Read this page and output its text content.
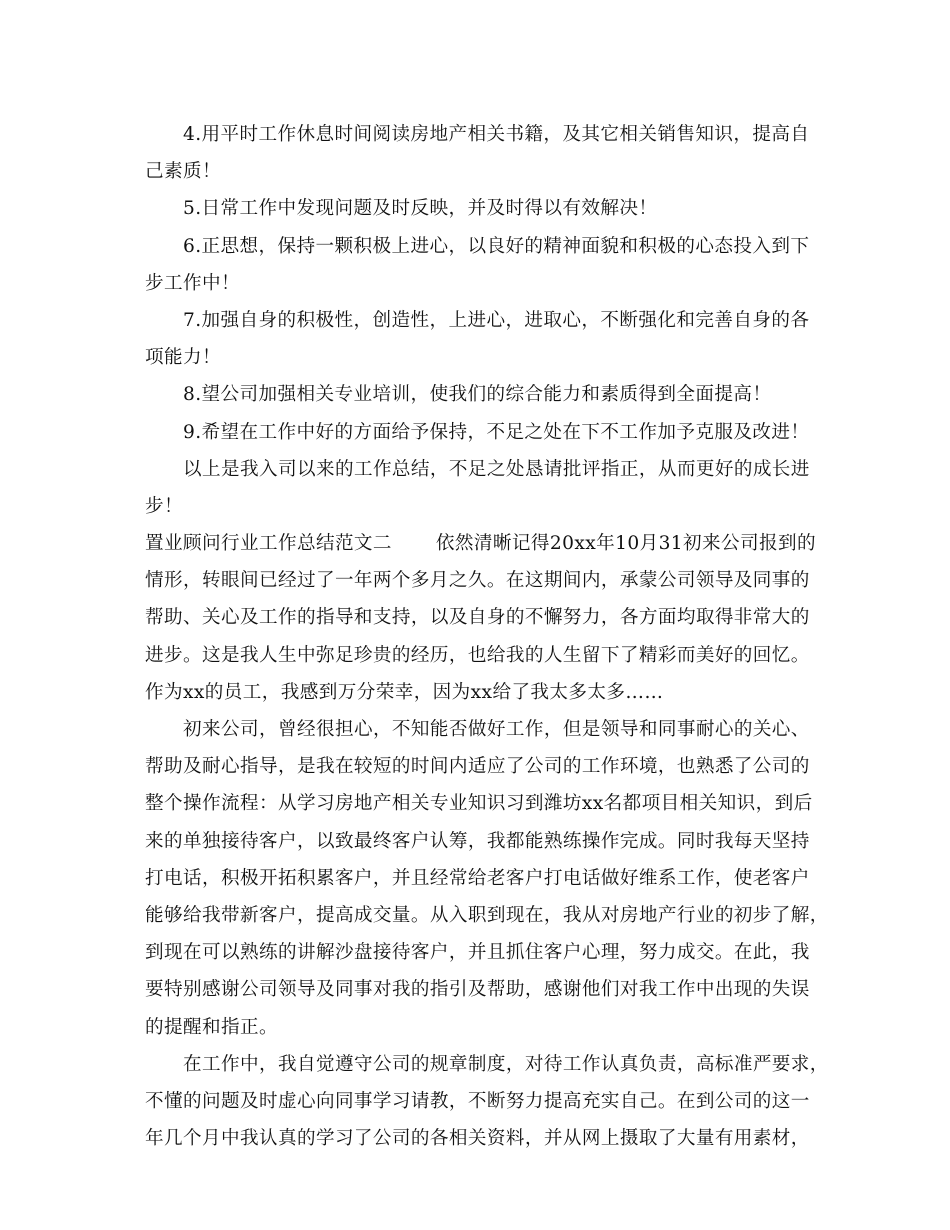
4.用平时工作休息时间阅读房地产相关书籍，及其它相关销售知识，提高自
己素质！
5.日常工作中发现问题及时反映，并及时得以有效解决！
6.正思想，保持一颗积极上进心，以良好的精神面貌和积极的心态投入到下
步工作中！
7.加强自身的积极性，创造性，上进心，进取心，不断强化和完善自身的各
项能力！
8.望公司加强相关专业培训，使我们的综合能力和素质得到全面提高！
9.希望在工作中好的方面给予保持，不足之处在下不工作加予克服及改进！
以上是我入司以来的工作总结，不足之处恳请批评指正，从而更好的成长进
步！
置业顾问行业工作总结范文二 依然清晰记得20xx年10月31初来公司报到的
情形，转眼间已经过了一年两个多月之久。在这期间内，承蒙公司领导及同事的
帮助、关心及工作的指导和支持，以及自身的不懈努力，各方面均取得非常大的
进步。这是我人生中弥足珍贵的经历，也给我的人生留下了精彩而美好的回忆。
作为xx的员工，我感到万分荣幸，因为xx给了我太多太多……
初来公司，曾经很担心，不知能否做好工作，但是领导和同事耐心的关心、
帮助及耐心指导，是我在较短的时间内适应了公司的工作环境，也熟悉了公司的
整个操作流程：从学习房地产相关专业知识习到潍坊xx名都项目相关知识，到后
来的单独接待客户，以致最终客户认筹，我都能熟练操作完成。同时我每天坚持
打电话，积极开拓积累客户，并且经常给老客户打电话做好维系工作，使老客户
能够给我带新客户，提高成交量。从入职到现在，我从对房地产行业的初步了解，
到现在可以熟练的讲解沙盘接待客户，并且抓住客户心理，努力成交。在此，我
要特别感谢公司领导及同事对我的指引及帮助，感谢他们对我工作中出现的失误
的提醒和指正。
在工作中，我自觉遵守公司的规章制度，对待工作认真负责，高标准严要求，
不懂的问题及时虚心向同事学习请教，不断努力提高充实自己。在到公司的这一
年几个月中我认真的学习了公司的各相关资料，并从网上摄取了大量有用素材，
